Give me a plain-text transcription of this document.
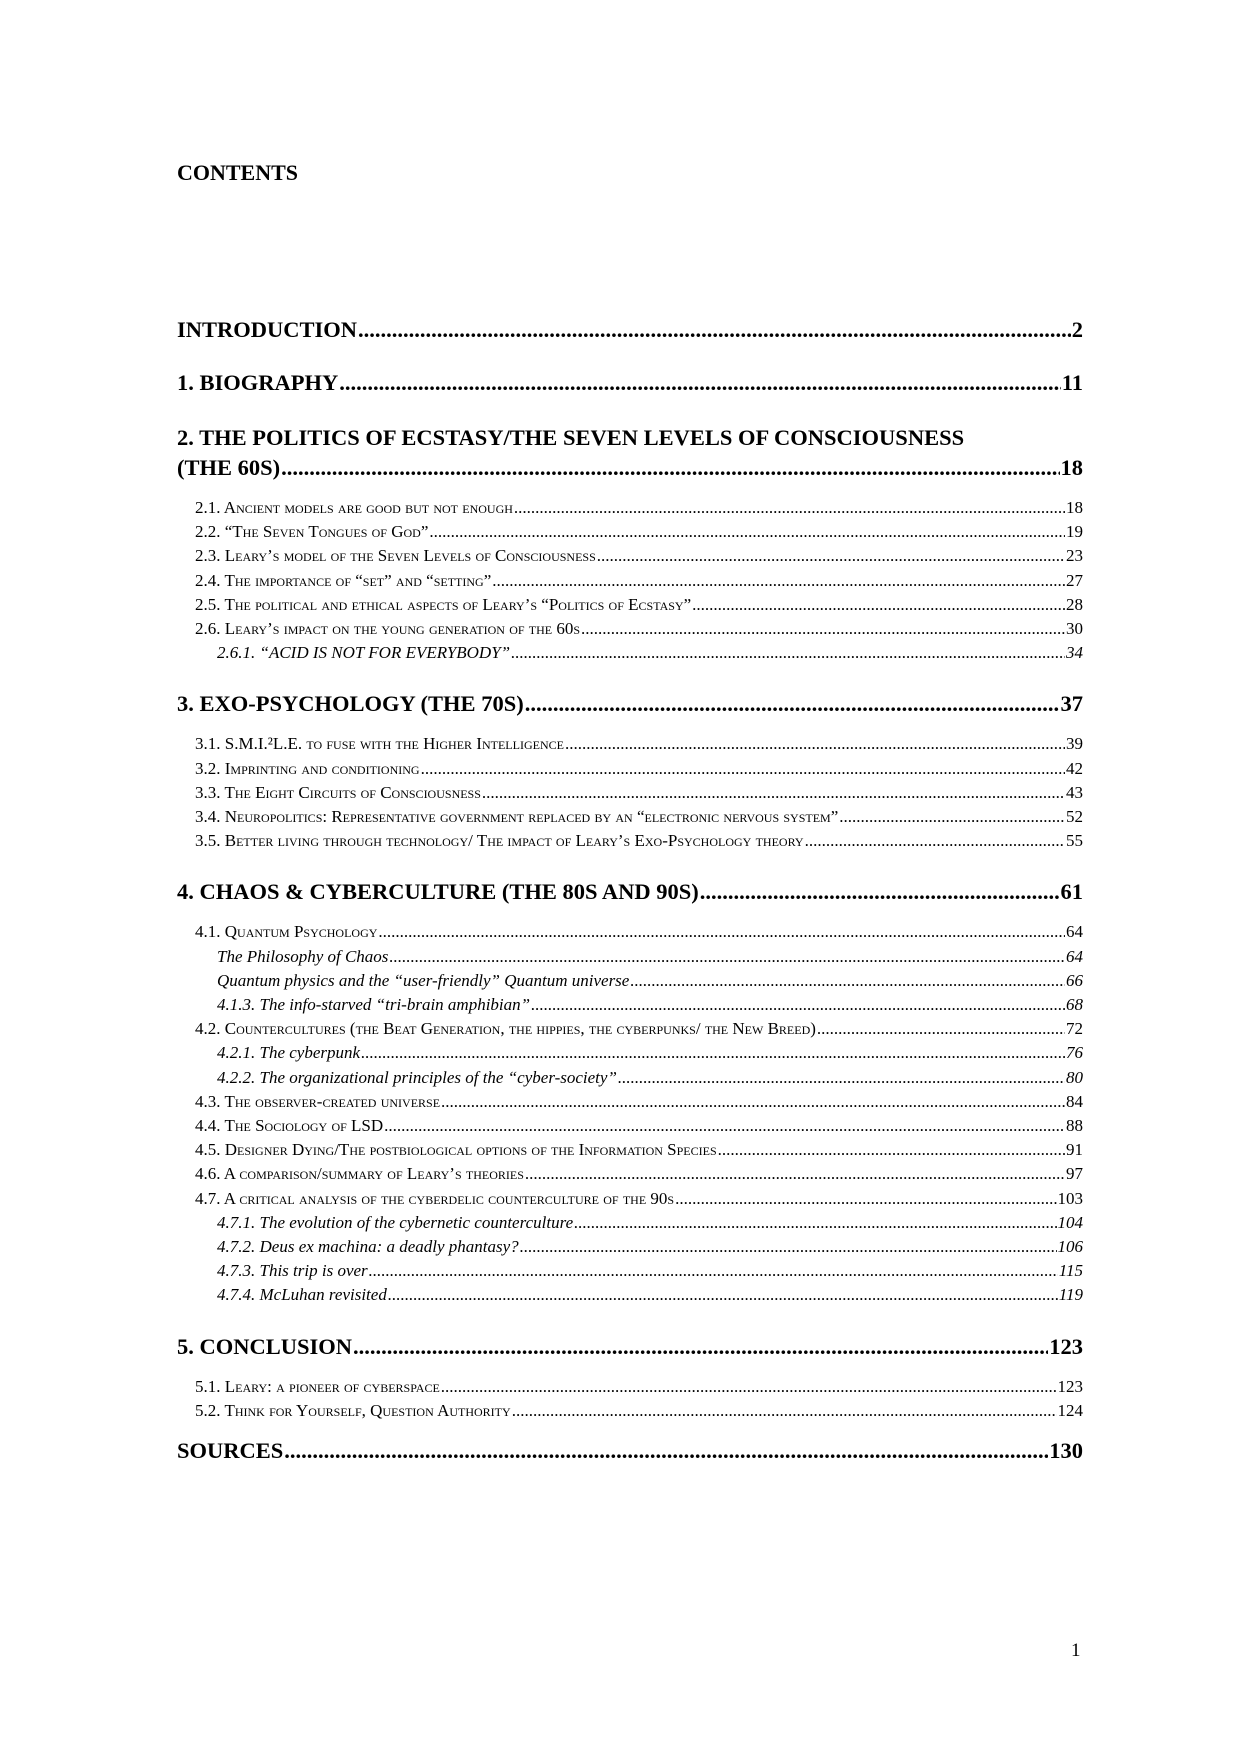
CONTENTS
INTRODUCTION .....	2
1. BIOGRAPHY .....	11
2. THE POLITICS OF ECSTASY/THE SEVEN LEVELS OF CONSCIOUSNESS
(THE 60S) .....	18
2.1. Ancient models are good but not enough .....	18
2.2. “The Seven Tongues of God” .....	19
2.3. Leary’s model of the Seven Levels of Consciousness .....	23
2.4. The importance of “set” and “setting” .....	27
2.5. The political and ethical aspects of Leary’s “Politics of Ecstasy” .....	28
2.6. Leary’s impact on the young generation of the 60s .....	30
2.6.1. “ACID IS NOT FOR EVERYBODY” .....	34
3. EXO-PSYCHOLOGY (THE 70S) .....	37
3.1. S.M.I.²L.E. to fuse with the Higher Intelligence .....	39
3.2. Imprinting and conditioning .....	42
3.3. The Eight Circuits of Consciousness .....	43
3.4. Neuropolitics: Representative government replaced by an “electronic nervous system” .....	52
3.5. Better living through technology/ The impact of Leary’s Exo-Psychology theory .....	55
4. CHAOS & CYBERCULTURE (THE 80S AND 90S) .....	61
4.1. Quantum Psychology .....	64
The Philosophy of Chaos .....	64
Quantum physics and the “user-friendly” Quantum universe .....	66
4.1.3. The info-starved “tri-brain amphibian” .....	68
4.2. Countercultures (the Beat Generation, the hippies, the cyberpunks/ the New Breed) .....	72
4.2.1. The cyberpunk .....	76
4.2.2. The organizational principles of the “cyber-society” .....	80
4.3. The observer-created universe .....	84
4.4. The Sociology of LSD .....	88
4.5. Designer Dying/The postbiological options of the Information Species .....	91
4.6. A comparison/summary of Leary’s theories .....	97
4.7. A critical analysis of the cyberdelic counterculture of the 90s .....	103
4.7.1. The evolution of the cybernetic counterculture .....	104
4.7.2. Deus ex machina: a deadly phantasy? .....	106
4.7.3. This trip is over .....	115
4.7.4. McLuhan revisited .....	119
5. CONCLUSION .....	123
5.1. Leary: a pioneer of cyberspace .....	123
5.2. Think for Yourself, Question Authority .....	124
SOURCES .....	130
1
